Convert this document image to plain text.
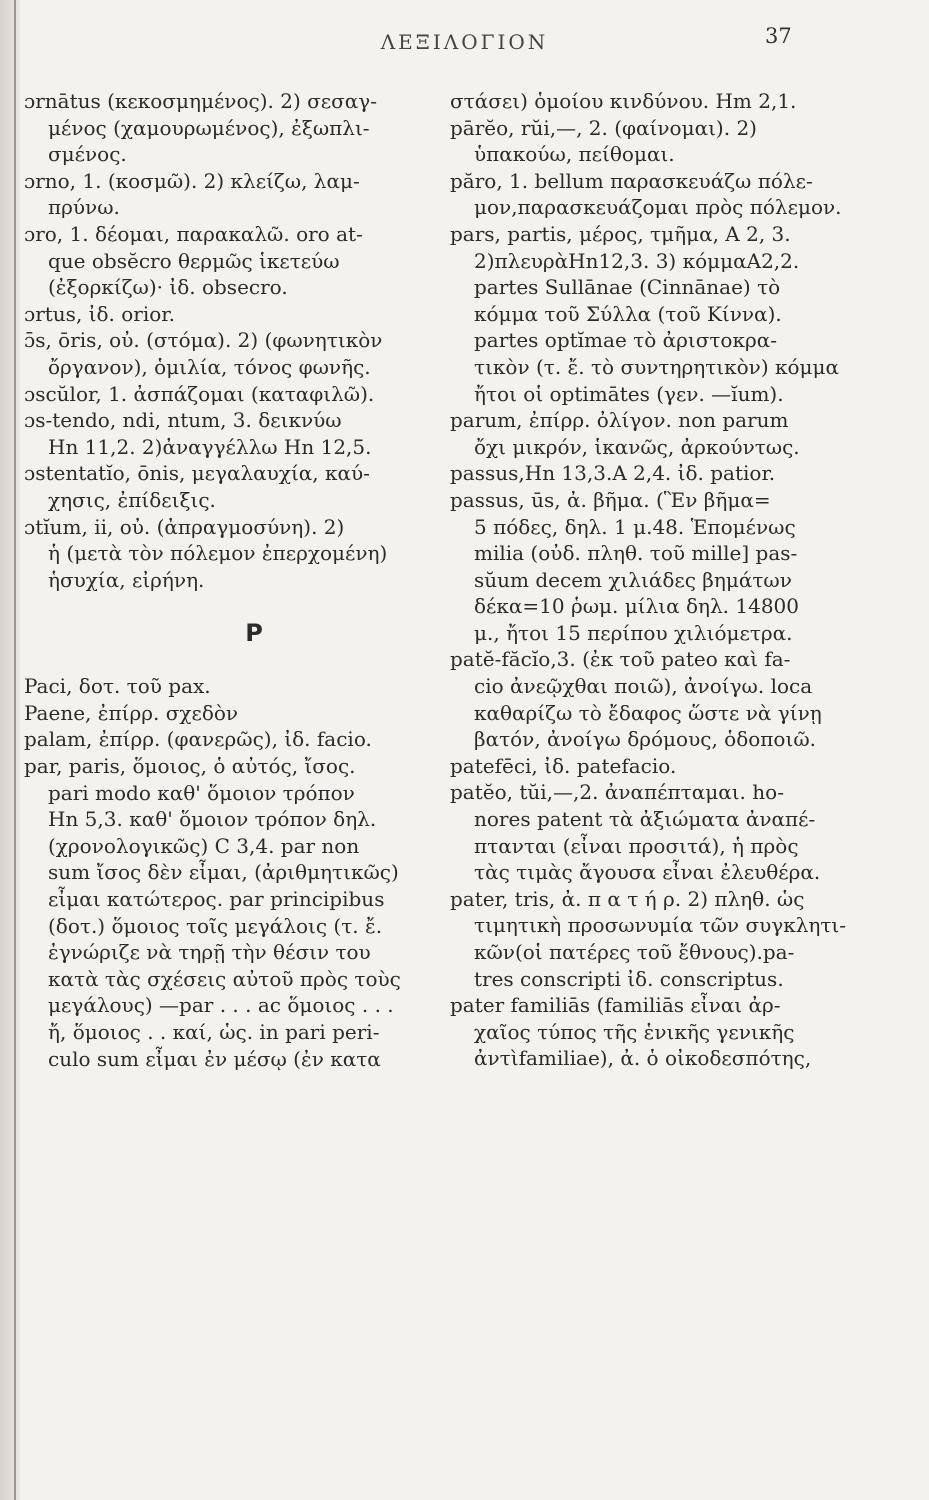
ΛΕΞΙΛΟΓΙΟΝ	37
ɔrnātus (κεκοσμημένος). 2) σεσαγ-
μένος (χαμουρωμένος), ἐξωπλι-
σμένος.
ɔrno, 1. (κοσμῶ). 2) κλείζω, λαμ-
πρύνω.
ɔro, 1. δέομαι, παρακαλῶ. oro at-
que obsĕcro θερμῶς ἱκετεύω
(ἐξορκίζω)· ἰδ. obsecro.
ɔrtus, ἰδ. orior.
ɔ̄s, ōris, οὐ. (στόμα). 2) (φωνητικὸν
ὄργανον), ὁμιλία, τόνος φωνῆς.
ɔscŭlor, 1. ἀσπάζομαι (καταφιλῶ).
ɔs-tendo, ndi, ntum, 3. δεικνύω
Hn 11,2. 2)ἀναγγέλλω Hn 12,5.
ɔstentatĭo, ōnis, μεγαλαυχία, καύ-
χησις, ἐπίδειξις.
ɔtĭum, ii, οὐ. (ἀπραγμοσύνη). 2)
ἡ (μετὰ τὸν πόλεμον ἐπερχομένη)
ἡσυχία, εἰρήνη.
P
Paci, δοτ. τοῦ pax.
Paene, ἐπίρρ. σχεδὸν
palam, ἐπίρρ. (φανερῶς), ἰδ. facio.
par, paris, ὅμοιος, ὁ αὐτός, ἴσος.
pari modo καθ' ὅμοιον τρόπον
Hn 5,3. καθ' ὅμοιον τρόπον δηλ.
(χρονολογικῶς) C 3,4. par non
sum ἴσος δὲν εἶμαι, (ἀριθμητικῶς)
εἶμαι κατώτερος. par principibus
(δοτ.) ὅμοιος τοῖς μεγάλοις (τ. ἔ.
ἐγνώριζε νὰ τηρῇ τὴν θέσιν του
κατὰ τὰς σχέσεις αὐτοῦ πρὸς τοὺς
μεγάλους) —par . . . ac ὅμοιος . . .
ἤ, ὅμοιος . . καί, ὡς. in pari peri-
culo sum εἶμαι ἐν μέσῳ (ἐν κατα
στάσει) ὁμοίου κινδύνου. Hm 2,1.
pārĕo, rŭi,—, 2. (φαίνομαι). 2)
ὑπακούω, πείθομαι.
părо, 1. bellum παρασκευάζω πόλε-
μον,παρασκευάζομαι πρὸς πόλεμον.
pars, partis, μέρος, τμῆμα, A 2, 3.
2)πλευρὰHn12,3. 3) κόμμαA2,2.
partes Sullānae (Cinnānae) τὸ
κόμμα τοῦ Σύλλα (τοῦ Κίννα).
partes optĭmae τὸ ἀριστοκρα-
τικὸν (τ. ἔ. τὸ συντηρητικὸν) κόμμα
ἤτοι οἱ optimātes (γεν. —ĭum).
parum, ἐπίρρ. ὀλίγον. non parum
ὄχι μικρόν, ἱκανῶς, ἀρκούντως.
passus,Hn 13,3.A 2,4. ἰδ. patior.
passus, ūs, ἀ. βῆμα. (Ἓν βῆμα=
5 πόδες, δηλ. 1 μ.48. Ἑπομένως
milia (οὐδ. πληθ. τοῦ mille] pas-
sŭum decem χιλιάδες βημάτων
δέκα=10 ῥωμ. μίλια δηλ. 14800
μ., ἤτοι 15 περίπου χιλιόμετρα.
patĕ-făcĭo,3. (ἐκ τοῦ pateo καὶ fa-
cio ἀνεῷχθαι ποιῶ), ἀνοίγω. loca
καθαρίζω τὸ ἔδαφος ὥστε νὰ γίνῃ
βατόν, ἀνοίγω δρόμους, ὁδοποιῶ.
patefēci, ἰδ. patefacio.
patĕo, tŭi,—,2. ἀναπέπταμαι. ho-
nores patent τὰ ἀξιώματα ἀναπέ-
πτανται (εἶναι προσιτά), ἡ πρὸς
τὰς τιμὰς ἄγουσα εἶναι ἐλευθέρα.
pater, tris, ἀ. π α τ ή ρ. 2) πληθ. ὡς
τιμητικὴ προσωνυμία τῶν συγκλητι-
κῶν(οἱ πατέρες τοῦ ἔθνους).pa-
tres conscripti ἰδ. conscriptus.
pater familiās (familiās εἶναι ἀρ-
χαῖος τύπος τῆς ἑνικῆς γενικῆς
ἀντὶfamiliae), ἀ. ὁ οἰκοδεσπότης,
